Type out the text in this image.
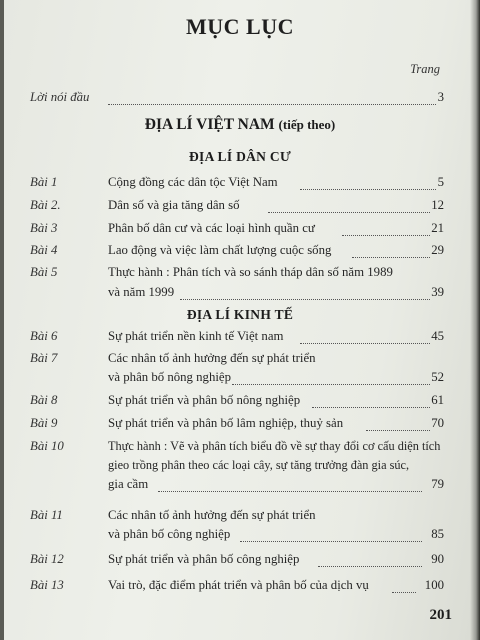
MỤC LỤC
Trang
Lời nói đầu	3
ĐỊA LÍ VIỆT NAM (tiếp theo)
ĐỊA LÍ DÂN CƯ
Bài 1	Cộng đồng các dân tộc Việt Nam	5
Bài 2.	Dân số và gia tăng dân số	12
Bài 3	Phân bố dân cư và các loại hình quần cư	21
Bài 4	Lao động và việc làm chất lượng cuộc sống	29
Bài 5	Thực hành : Phân tích và so sánh tháp dân số năm 1989
và năm 1999	39
ĐỊA LÍ KINH TẾ
Bài 6	Sự phát triển nền kinh tế Việt nam	45
Bài 7	Các nhân tố ảnh hưởng đến sự phát triển
và phân bố nông nghiệp	52
Bài 8	Sự phát triển và phân bố nông nghiệp	61
Bài 9	Sự phát triển và phân bố lâm nghiệp, thuỷ sản	70
Bài 10	Thực hành : Vẽ và phân tích biểu đồ về sự thay đổi cơ cấu diện tích
gieo trồng phân theo các loại cây, sự tăng trưởng đàn gia súc,
gia cầm	79
Bài 11	Các nhân tố ảnh hưởng đến sự phát triển
và phân bố công nghiệp	85
Bài 12	Sự phát triển và phân bố công nghiệp	90
Bài 13	Vai trò, đặc điểm phát triển và phân bố của dịch vụ	100
201
